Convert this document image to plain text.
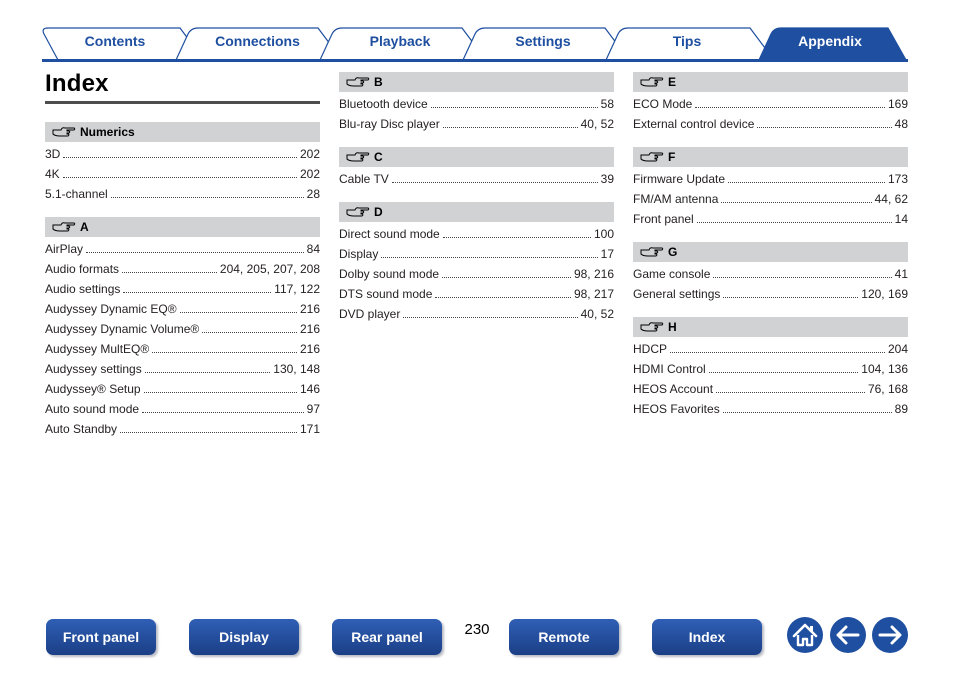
Contents	Connections	Playback	Settings	Tips	Appendix
Index
Numerics
3D	202
4K	202
5.1-channel	28
A
AirPlay	84
Audio formats	204, 205, 207, 208
Audio settings	117, 122
Audyssey Dynamic EQ®	216
Audyssey Dynamic Volume®	216
Audyssey MultEQ®	216
Audyssey settings	130, 148
Audyssey® Setup	146
Auto sound mode	97
Auto Standby	171
B
Bluetooth device	58
Blu-ray Disc player	40, 52
C
Cable TV	39
D
Direct sound mode	100
Display	17
Dolby sound mode	98, 216
DTS sound mode	98, 217
DVD player	40, 52
E
ECO Mode	169
External control device	48
F
Firmware Update	173
FM/AM antenna	44, 62
Front panel	14
G
Game console	41
General settings	120, 169
H
HDCP	204
HDMI Control	104, 136
HEOS Account	76, 168
HEOS Favorites	89
Front panel	Display	Rear panel	230	Remote	Index
